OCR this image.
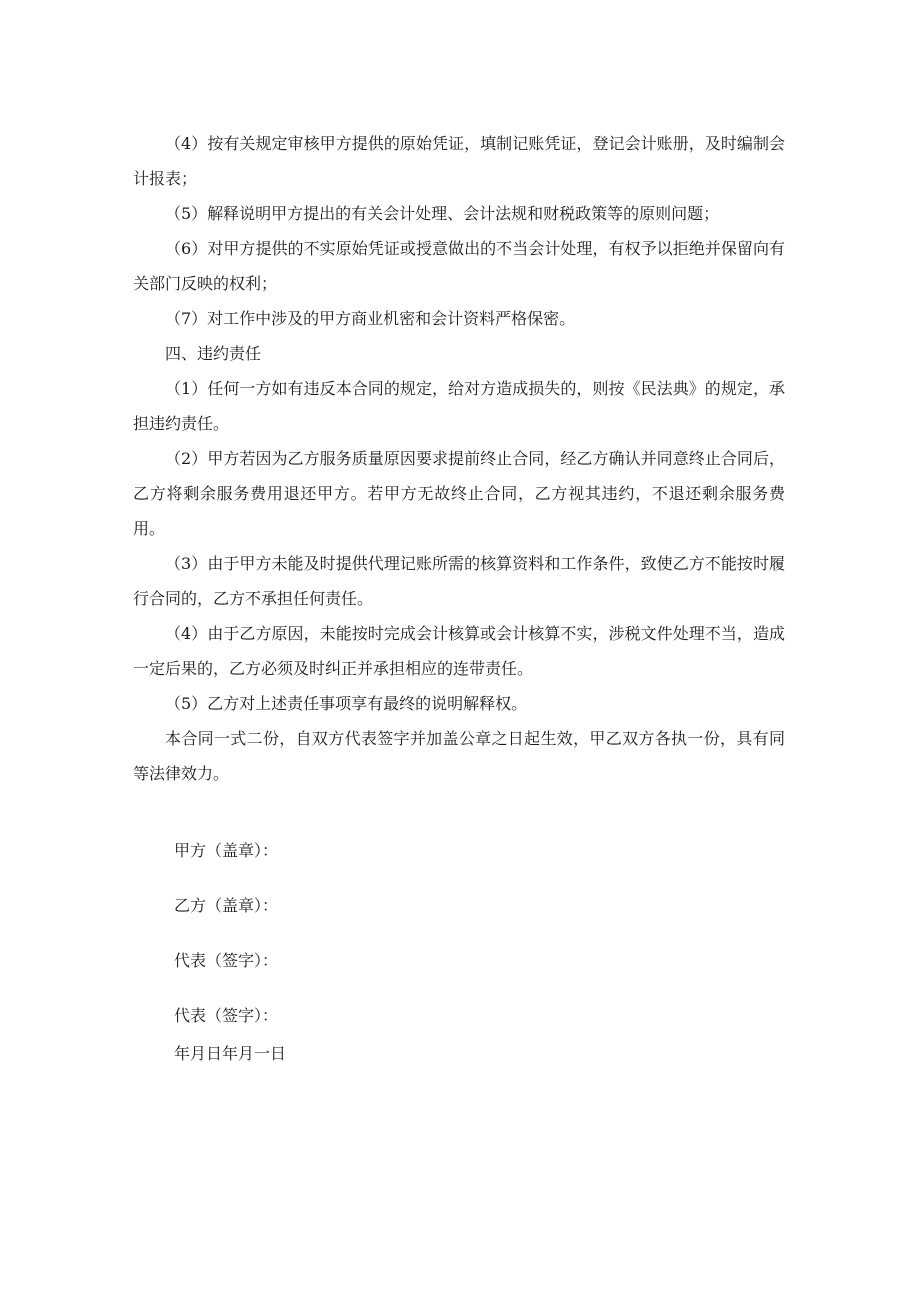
（4）按有关规定审核甲方提供的原始凭证，填制记账凭证，登记会计账册，及时编制会计报表；

（5）解释说明甲方提出的有关会计处理、会计法规和财税政策等的原则问题；

（6）对甲方提供的不实原始凭证或授意做出的不当会计处理，有权予以拒绝并保留向有关部门反映的权利；

（7）对工作中涉及的甲方商业机密和会计资料严格保密。

四、违约责任

（1）任何一方如有违反本合同的规定，给对方造成损失的，则按《民法典》的规定，承担违约责任。

（2）甲方若因为乙方服务质量原因要求提前终止合同，经乙方确认并同意终止合同后，乙方将剩余服务费用退还甲方。若甲方无故终止合同，乙方视其违约，不退还剩余服务费用。

（3）由于甲方未能及时提供代理记账所需的核算资料和工作条件，致使乙方不能按时履行合同的，乙方不承担任何责任。

（4）由于乙方原因，未能按时完成会计核算或会计核算不实，涉税文件处理不当，造成一定后果的，乙方必须及时纠正并承担相应的连带责任。

（5）乙方对上述责任事项享有最终的说明解释权。

本合同一式二份，自双方代表签字并加盖公章之日起生效，甲乙双方各执一份，具有同等法律效力。

甲方（盖章）：

乙方（盖章）：

代表（签字）：

代表（签字）：

年月日年月一日
